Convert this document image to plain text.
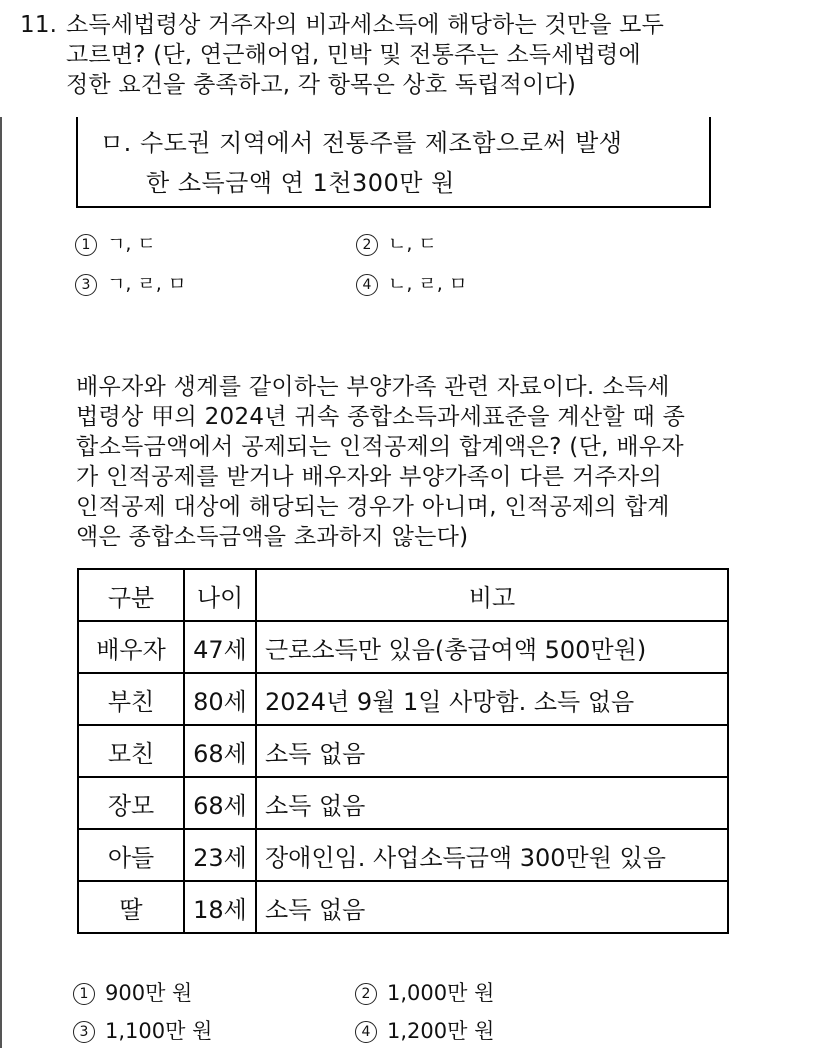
11. 소득세법령상 거주자의 비과세소득에 해당하는 것만을 모두
고르면? (단, 연근해어업, 민박 및 전통주는 소득세법령에
정한 요건을 충족하고, 각 항목은 상호 독립적이다)
ㅁ. 수도권 지역에서 전통주를 제조함으로써 발생
한 소득금액 연 1천300만 원
1 ㄱ, ㄷ	2 ㄴ, ㄷ
3 ㄱ, ㄹ, ㅁ	4 ㄴ, ㄹ, ㅁ

배우자와 생계를 같이하는 부양가족 관련 자료이다. 소득세

법령상 甲의 2024년 귀속 종합소득과세표준을 계산할 때 종

합소득금액에서 공제되는 인적공제의 합계액은? (단, 배우자

가 인적공제를 받거나 배우자와 부양가족이 다른 거주자의

인적공제 대상에 해당되는 경우가 아니며, 인적공제의 합계

액은 종합소득금액을 초과하지 않는다)

구분	나이	비고
배우자	47세	근로소득만 있음(총급여액 500만원)
부친	80세	2024년 9월 1일 사망함. 소득 없음
모친	68세	소득 없음
장모	68세	소득 없음
아들	23세	장애인임. 사업소득금액 300만원 있음
딸	18세	소득 없음
1 900만 원	2 1,000만 원
3 1,100만 원	4 1,200만 원
